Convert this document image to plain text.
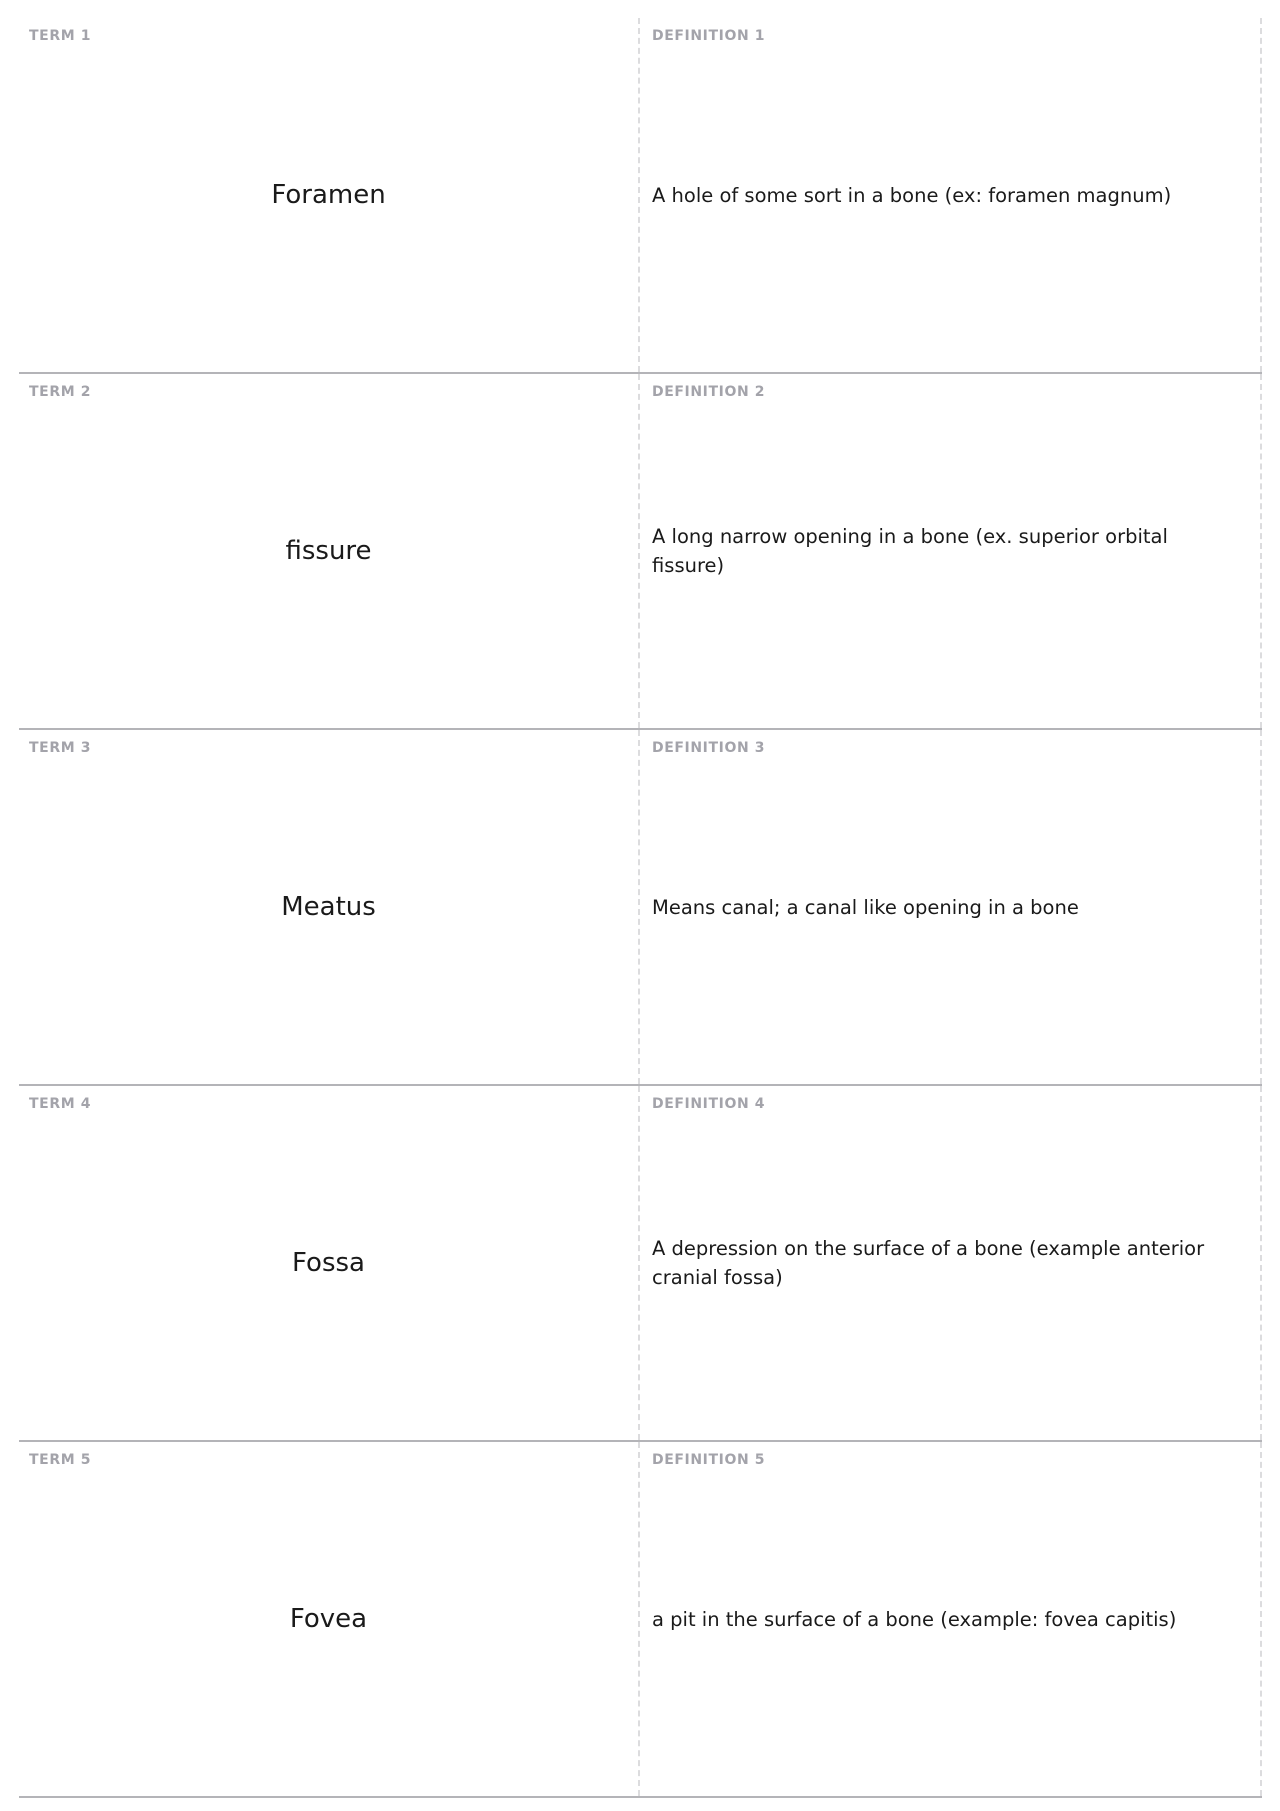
TERM 1
Foramen
DEFINITION 1
A hole of some sort in a bone (ex: foramen magnum)
TERM 2
fissure
DEFINITION 2
A long narrow opening in a bone (ex. superior orbital fissure)
TERM 3
Meatus
DEFINITION 3
Means canal; a canal like opening in a bone
TERM 4
Fossa
DEFINITION 4
A depression on the surface of a bone (example anterior cranial fossa)
TERM 5
Fovea
DEFINITION 5
a pit in the surface of a bone (example: fovea capitis)
